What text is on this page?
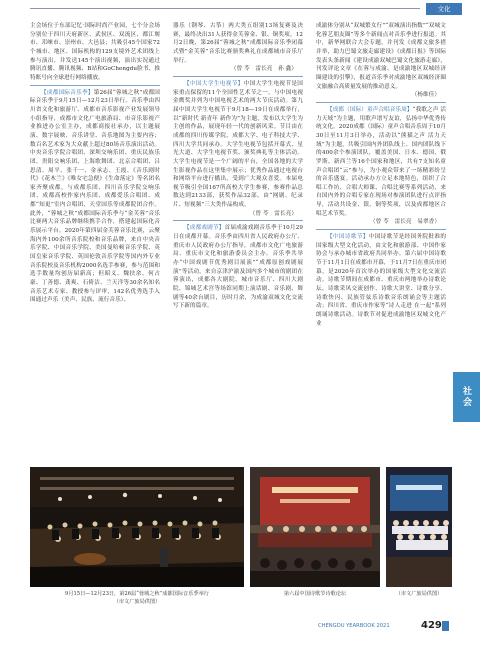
文化

主会场位于东部记忆·国际时尚产业园，七个分会场分别位于四川天府新区、武侯区、双流区、都江堰市、邛崃市、崇州市、大邑县；共吸引45个国家72个城市、地区、国际机构的129支境外艺术团线上参与演出，并发送145个演出视频，演出实况通过腾讯直播、腾讯视频、B站和GoChengdu脸书、推特账号向全球进行网络播放。

【成都国际音乐季】第26届“蓉城之秋”成都国际音乐季于9月15日—12月23日举行。音乐季由四川省文化和旅游厅、成都市音乐影视产业发展领导小组指导，成都市文化广电旅游局、市音乐影视产业推进办公室主办，成都商报社承办，以主题展演、数字展映、音乐讲堂、音乐地图为主要内容；数百名艺术家为大众献上超过80场音乐演出活动。中央音乐学院合唱团、深圳交响乐团、重庆民族乐团、贵阳交响乐团、上海歌舞团、北京合唱团、吕思清、周平、张千一、金承志、王霞、《音乐剧时代》《花木兰》《唯女宅急便》《生命落定》等名团名家齐聚成都，与成都乐团、四川音乐学院交响乐团、成都高校作家内乐团、成都爱乐合唱团、成都“知更”室内合唱团、天堂国乐等成都院团合作。此外，“蓉城之秋”成都国际音乐季与“金芙蓉”音乐比赛两大音乐品牌继续携手合作，搭建起国际化音乐展示平台。2020年第四届金芙蓉音乐比赛，云聚海内外100余所音乐院校和音乐品牌，来自中央音乐学院、中国音乐学院、美国曼哈顿音乐学院、英国皇家音乐学院、英国伦敦音乐学院等国内外专业音乐院校及音乐机构2000名选手参赛，参与范围和选手数量均创历届新高；但昭义、魏扶余、何占豪、丁善德、龚爽、石倚洁、兰天洋等30余名知名音乐艺术专家、教授参与评审，142名优秀选手入围通过声乐（美声、民族、流行音乐）、

器乐（钢琴、古筝）两大类五组别13场复赛及决赛，最终决出31人获得金芙蓉金、银、铜奖项。12月2日晚，第26届“蓉城之秋”成都国际音乐季闭幕式暨”金芙蓉”音乐比赛颁奖典礼在成都城市音乐厅举行。

（曾 苓　雷长亮　孙 鑫）

【中国大学生电视节】中国大学生电视节是国家重点保留的11个全国性艺术节之一，与中国电视金鹰奖并列为中国电视艺术的两大节庆活动。第九届中国大学生电视节于9月18—19日在成都举行，以“新时代 新青年 新作为”为主题，发布以大学生为主创的作品，展现年轻一代的创新风采。节目由在成都的四川传媒学院、成都大学、电子科技大学、四川大学共同承办。大学生电视节包括开幕式、星光大道、大学生电视节奖、颁奖典礼等主体活动。大学生电视节是一个广阔的平台，全国各地的大学生影视作品在这里集中展示；优秀作品通过电视台和网络平台进行播出，受到广大观众喜爱。本届电视节吸引全国167所高校大学生参赛，参赛作品总数达到2133部，获奖作品32部，由“网剧、纪录片、短视频”三大类作品构成。

（曾 苓　雷长亮）

【成都戏剧节】首届成渝戏剧音乐季于10月29日在成都开幕。音乐季由四川省人民政府办公厅、重庆市人民政府办公厅指导，成都市文化广电旅游局、重庆市文化和旅游委员会主办。音乐季共举办“中国戏剧节优秀剧目展演”“成都原创戏剧展演”等活动，来自京津沪渝及国内多个城市的剧团在蓉演出，成都各大剧院、城市音乐厅、四川大剧院、锦城艺术宫等场馆同期上演话剧、音乐剧、舞剧等40余台剧目，历时月余，为成渝双城文化交流写下新的篇章。

成渝体分别从“双城繁女行”“双城演出指数”“双城文化蓉艺朋友圈”等多个新闻点对音乐季进行报道。其中，新华网联合大会专题，并刊发《成都文旅多措并举，助力巴蜀文旅走廊建设》《成都日报》等国际发表头条新闻《建设成渝双城巴蜀文化旅游走廊》，刊发评论文章《在蓉与成渝、是成渝地区双城经济圈建设的引擎》，报道音乐季对成渝地区双城经济圈文旅融合高质量发展的推动意义。

（杨维佳）

【成都（国际）童声合唱音乐周】“我歌之声 活力天域”为主题，用歌声谱写友谊，弘扬中华优秀传统文化。2020成都（国际）童声合唱音乐周于10月30日至11月3日举办，活动以“熊猫之声 活力天域”为主题，共吸引国内外团队线上、国内团队线下的400余个参演团队，覆盖美国、日本、德国、俄罗斯、新西兰等16个国家和地区，共有7支知名童声合唱团“云”参与，为小观众带来了一场精彩纷呈的音乐盛宴。活动承办方立足本地特色，组织了合唱工作坊、合唱大师课、合唱比赛等系列活动，来自国内外的合唱专家在现场对参演团队进行点评指导，活动共设金、银、铜等奖项，以及成都地区合唱艺术节奖。

（曾 苓　雷长亮　易翠香）

【中国诗歌节】中国诗歌节是经国务院批准的国家级大型文化活动，由文化和旅游部、中国作家协会与承办城市省政府共同举办。第六届中国诗歌节于11月1日在成都市开幕，于11月7日在重庆市闭幕，是2020年首次举办的国家级大型文化交流活动。诗歌节期间在成都市、重庆市两地举办诗歌论坛、诗歌采风交流创作、诗歌大讲堂、诗歌分享、诗歌快闪、民族管弦乐诗歌音乐朗诵会等主题活动；四川省、重庆市作家等“诗人走进 在一起”系列朗诵诗歌活动。诗歌节对促进成渝地区双城文化产业

社会
9月15日—12月23日，第26届“蓉城之秋”成都国际音乐季举行
（市文广旅局供图）
第六届中国诗歌节诗歌论坛	（市文广旅局供图）
CHENGDU YEARBOOK 2021	429
